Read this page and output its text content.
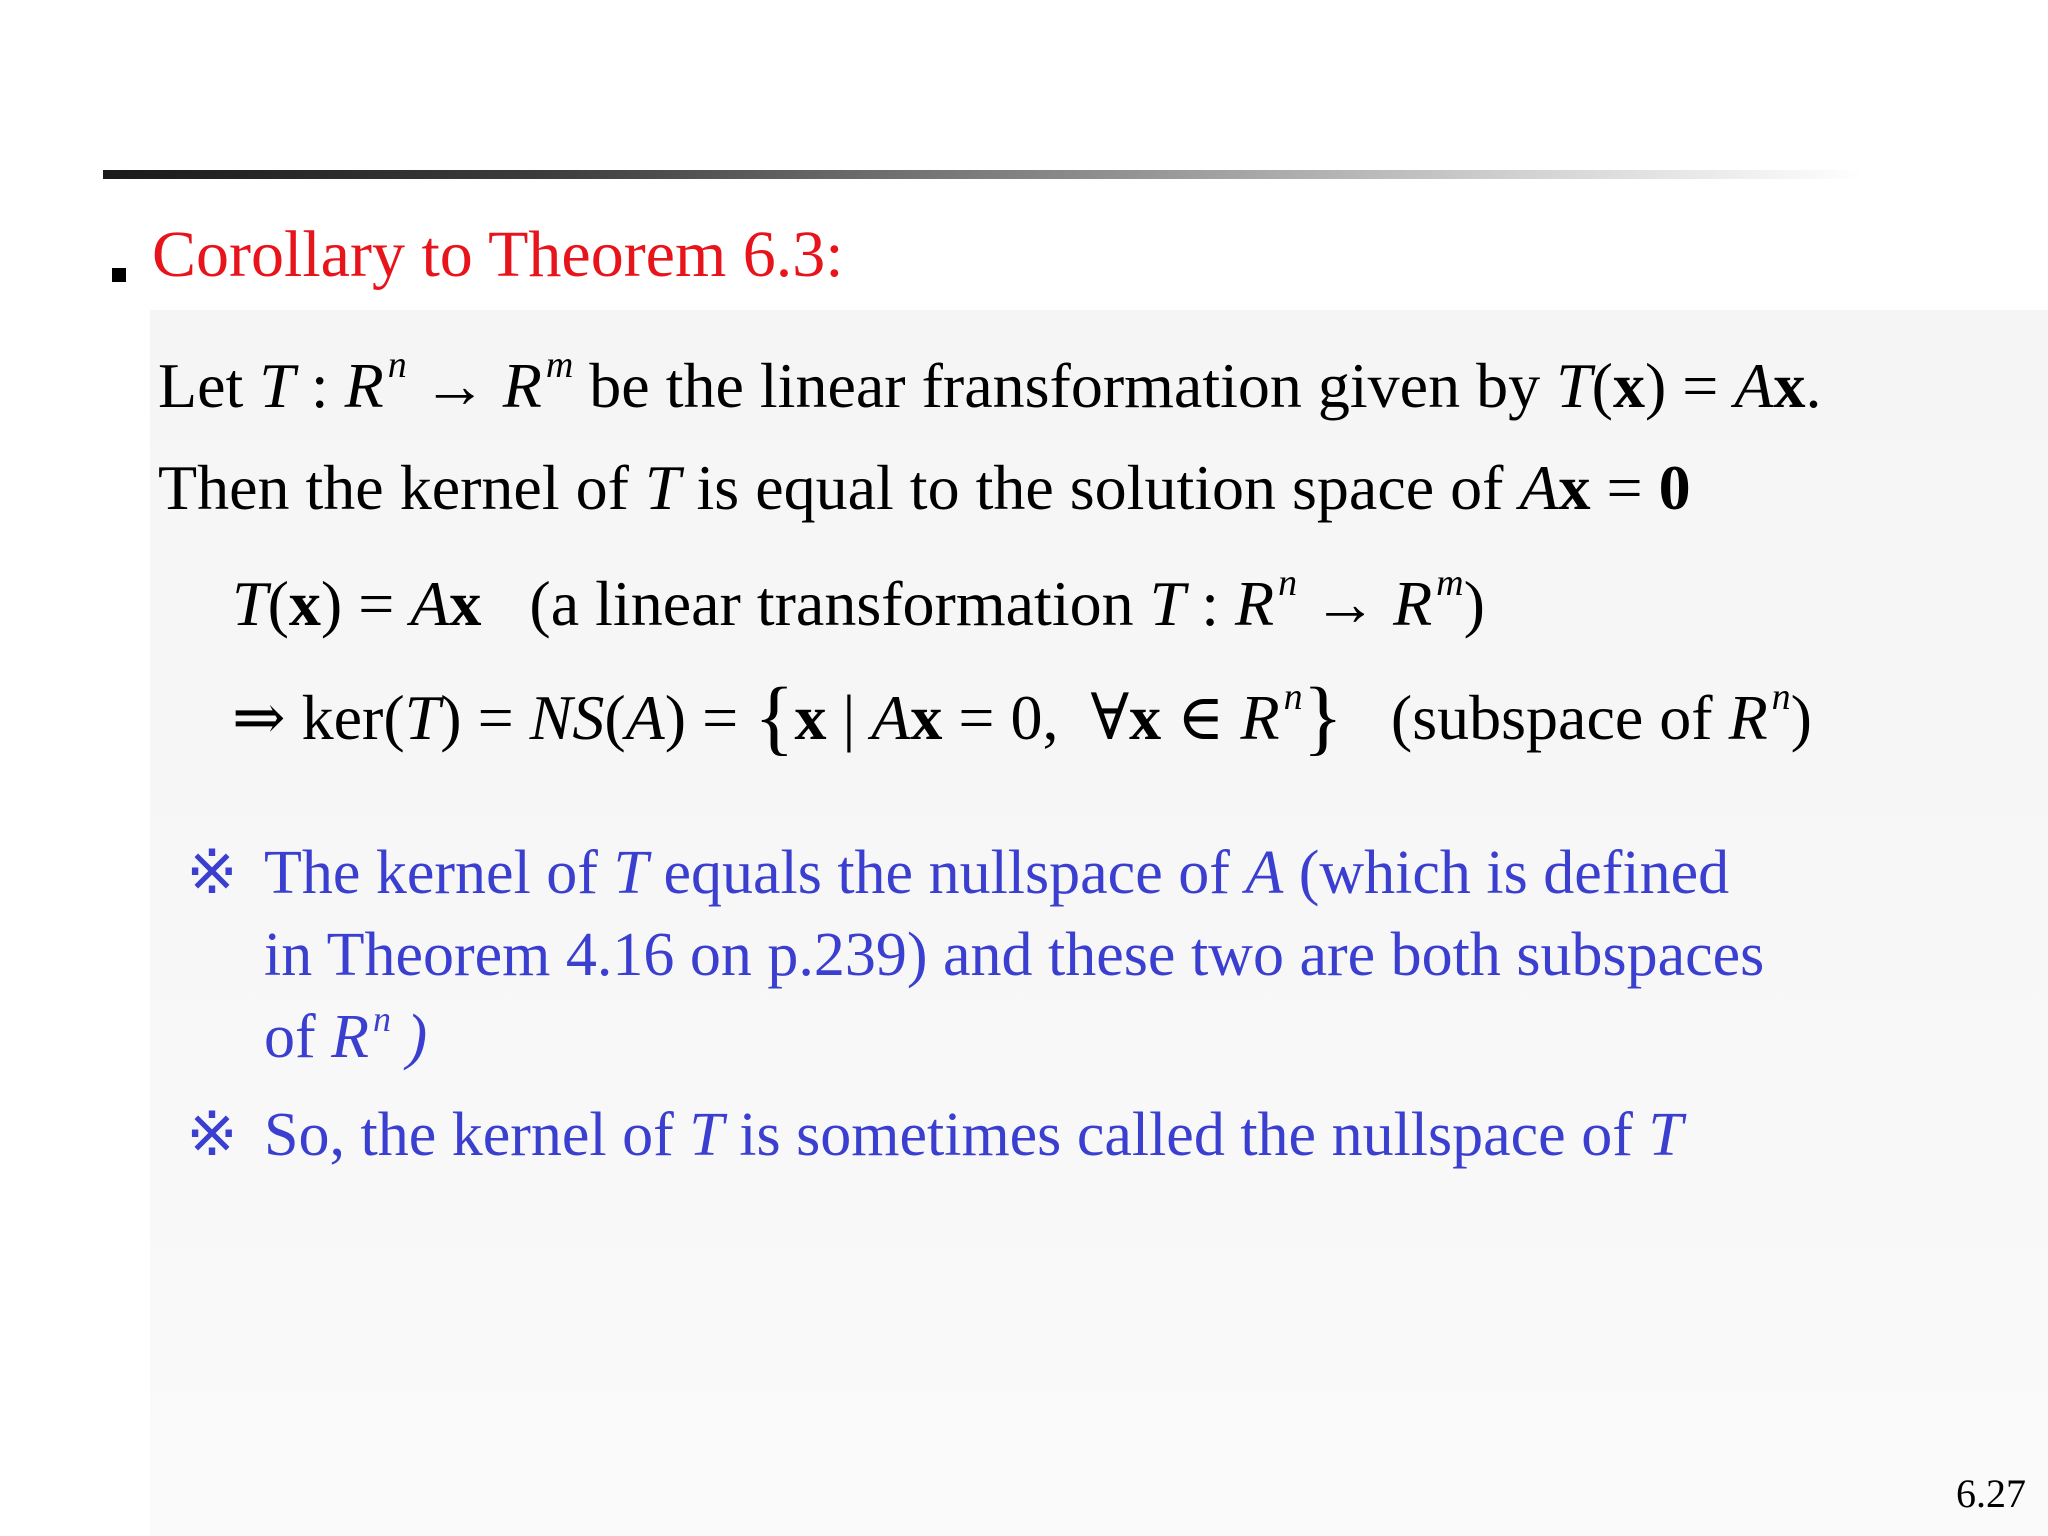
Corollary to Theorem 6.3:
Let T : R $^n$ → R $^m$ be the linear fransformation given by T(x) = Ax.
Then the kernel of T is equal to the solution space of Ax = 0
T(x) = Ax   (a linear transformation T : R $^n$ → R $^m$)
⇒ ker(T) = NS(A) = {x | Ax = 0,  ∀x ∈ R $^n$}   (subspace of R $^n$)
※ The kernel of T equals the nullspace of A (which is defined
in Theorem 4.16 on p.239) and these two are both subspaces
of R $^n$ )
※ So, the kernel of T is sometimes called the nullspace of T
6.27
